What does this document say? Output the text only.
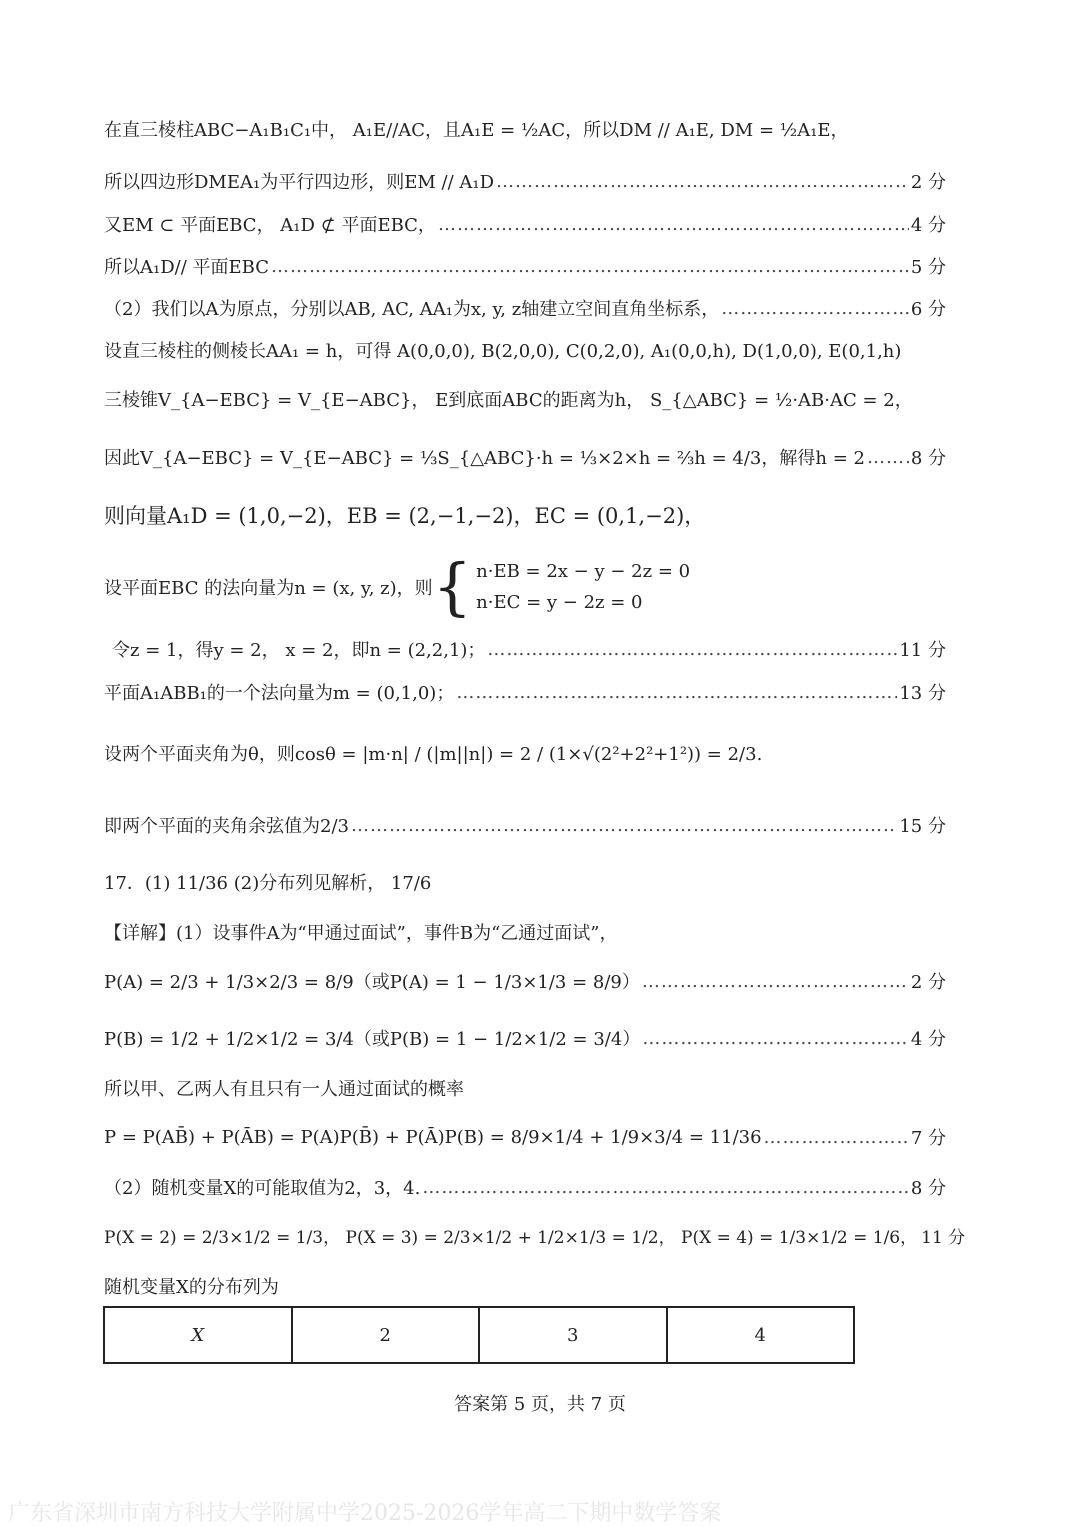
在直三棱柱ABC−A₁B₁C₁中， A₁E//AC，且A₁E = ½AC，所以DM // A₁E, DM = ½A₁E，
所以四边形DMEA₁为平行四边形，则EM // A₁D ……………………………………………………………………………………………………………………………………………………………………	2 分
又EM ⊂ 平面EBC， A₁D ⊄ 平面EBC， ……………………………………………………………………………………………………………………………………………………………………	4 分
所以A₁D// 平面EBC ……………………………………………………………………………………………………………………………………………………………………	5 分
（2）我们以A为原点，分别以AB, AC, AA₁为x, y, z轴建立空间直角坐标系， ……………………………………………………………………………………………………………………………………………………………………	6 分
设直三棱柱的侧棱长AA₁ = h，可得 A(0,0,0), B(2,0,0), C(0,2,0), A₁(0,0,h), D(1,0,0), E(0,1,h)
三棱锥V_{A−EBC} = V_{E−ABC}， E到底面ABC的距离为h， S_{△ABC} = ½·AB·AC = 2，
因此V_{A−EBC} = V_{E−ABC} = ⅓S_{△ABC}·h = ⅓×2×h = ⅔h = 4/3，解得h = 2 ……………………………………………………………………………………………………………………………………………………………………	8 分
则向量A₁D = (1,0,−2)，EB = (2,−1,−2)，EC = (0,1,−2)，
设平面EBC 的法向量为n = (x, y, z)，则 { n·EB = 2x − y − 2z = 0
n·EC = y − 2z = 0
令z = 1，得y = 2， x = 2，即n = (2,2,1)； ……………………………………………………………………………………………………………………………………………………………………	11 分
平面A₁ABB₁的一个法向量为m = (0,1,0)； ……………………………………………………………………………………………………………………………………………………………………	13 分
设两个平面夹角为θ，则cosθ = |m·n| / (|m||n|) = 2 / (1×√(2²+2²+1²)) = 2/3.
即两个平面的夹角余弦值为2/3 ……………………………………………………………………………………………………………………………………………………………………	15 分
17．(1) 11/36 (2)分布列见解析， 17/6
【详解】(1）设事件A为“甲通过面试”，事件B为“乙通过面试”，
P(A) = 2/3 + 1/3×2/3 = 8/9（或P(A) = 1 − 1/3×1/3 = 8/9） ……………………………………………………………………………………………………………………………………………………………………	2 分
P(B) = 1/2 + 1/2×1/2 = 3/4（或P(B) = 1 − 1/2×1/2 = 3/4） ……………………………………………………………………………………………………………………………………………………………………	4 分
所以甲、乙两人有且只有一人通过面试的概率
P = P(AB̄) + P(ĀB) = P(A)P(B̄) + P(Ā)P(B) = 8/9×1/4 + 1/9×3/4 = 11/36 ……………………………………………………………………………………………………………………………………………………………………	7 分
（2）随机变量X的可能取值为2，3，4. ……………………………………………………………………………………………………………………………………………………………………	8 分
P(X = 2) = 2/3×1/2 = 1/3， P(X = 3) = 2/3×1/2 + 1/2×1/3 = 1/2， P(X = 4) = 1/3×1/2 = 1/6， 11 分
随机变量X的分布列为
X	2	3	4
答案第 5 页，共 7 页
广东省深圳市南方科技大学附属中学2025-2026学年高二下期中数学答案
